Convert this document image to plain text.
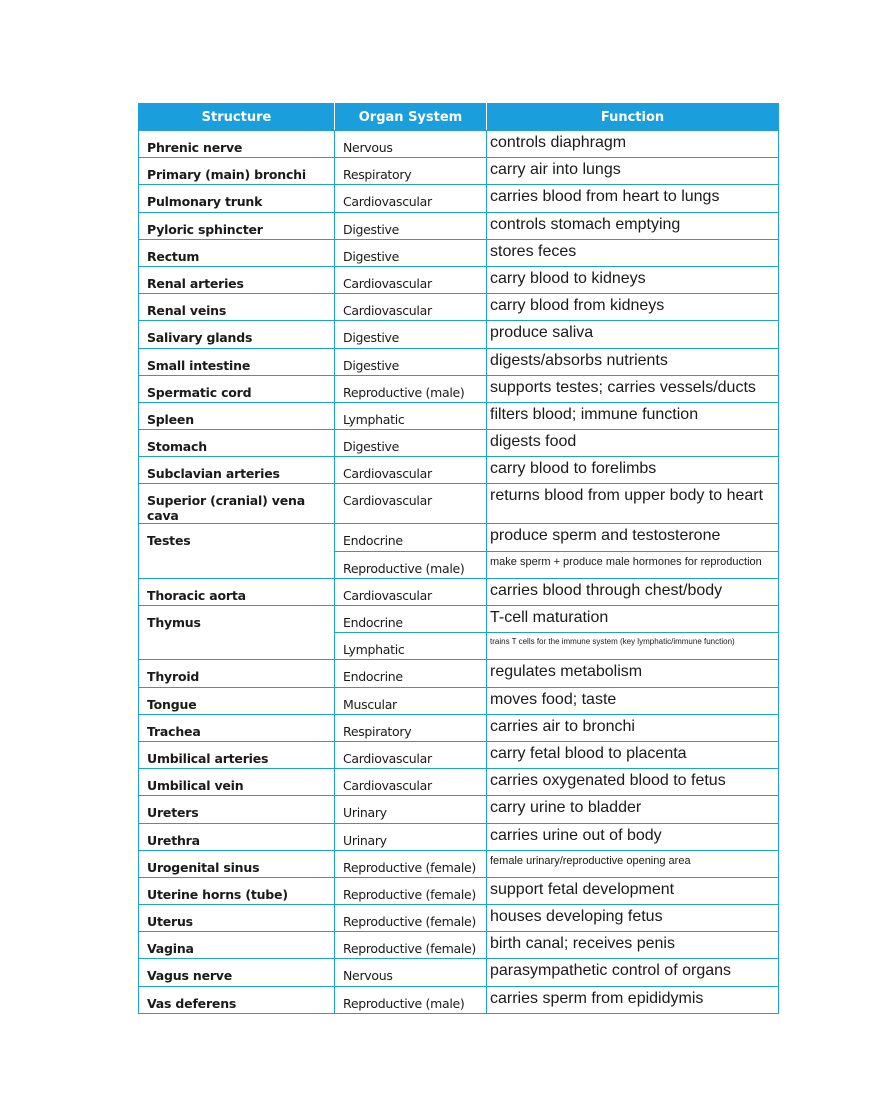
Structure	Organ System	Function
Phrenic nerve	Nervous	controls diaphragm
Primary (main) bronchi	Respiratory	carry air into lungs
Pulmonary trunk	Cardiovascular	carries blood from heart to lungs
Pyloric sphincter	Digestive	controls stomach emptying
Rectum	Digestive	stores feces
Renal arteries	Cardiovascular	carry blood to kidneys
Renal veins	Cardiovascular	carry blood from kidneys
Salivary glands	Digestive	produce saliva
Small intestine	Digestive	digests/absorbs nutrients
Spermatic cord	Reproductive (male)	supports testes; carries vessels/ducts
Spleen	Lymphatic	filters blood; immune function
Stomach	Digestive	digests food
Subclavian arteries	Cardiovascular	carry blood to forelimbs
Superior (cranial) vena cava	Cardiovascular	returns blood from upper body to heart
Testes	Endocrine	produce sperm and testosterone
	Reproductive (male)	make sperm + produce male hormones for reproduction
Thoracic aorta	Cardiovascular	carries blood through chest/body
Thymus	Endocrine	T-cell maturation
	Lymphatic	trains T cells for the immune system (key lymphatic/immune function)
Thyroid	Endocrine	regulates metabolism
Tongue	Muscular	moves food; taste
Trachea	Respiratory	carries air to bronchi
Umbilical arteries	Cardiovascular	carry fetal blood to placenta
Umbilical vein	Cardiovascular	carries oxygenated blood to fetus
Ureters	Urinary	carry urine to bladder
Urethra	Urinary	carries urine out of body
Urogenital sinus	Reproductive (female)	female urinary/reproductive opening area
Uterine horns (tube)	Reproductive (female)	support fetal development
Uterus	Reproductive (female)	houses developing fetus
Vagina	Reproductive (female)	birth canal; receives penis
Vagus nerve	Nervous	parasympathetic control of organs
Vas deferens	Reproductive (male)	carries sperm from epididymis
